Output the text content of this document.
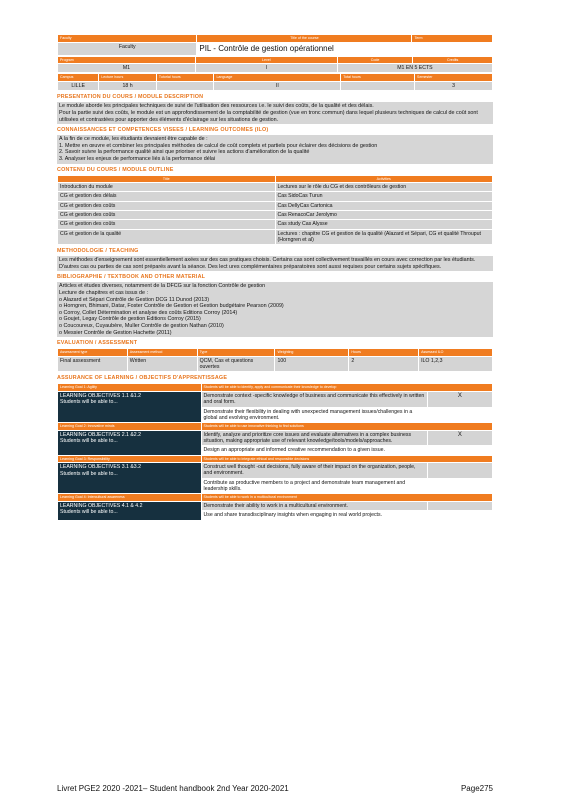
Faculty	Title of the course	Term
Faculty	PIL - Contrôle de gestion opérationnel	
Program	Level	Code	Credits
M1	I	M1 EN 5 ECTS	
Campus	Lecture hours	Tutorial hours	Language	Total hours	Semester
LILLE	18 h		II		3
PRESENTATION DU COURS / MODULE DESCRIPTION
Le module aborde les principales techniques de suivi de l'utilisation des ressources i.e. le suivi des coûts, de la qualité et des délais.
Pour la partie suivi des coûts, le module est un approfondissement de la comptabilité de gestion (vue en tronc commun) dans lequel plusieurs techniques de calcul de coût sont utilisées et contrastées pour apporter des éléments d'éclairage sur les situations de gestion.
CONNAISSANCES ET COMPETENCES VISEES / LEARNING OUTCOMES (ILO)
A la fin de ce module, les étudiants devraient être capable de :
1. Mettre en œuvre et combiner les principales méthodes de calcul de coût complets et partiels pour éclairer des décisions de gestion
2. Savoir suivre la performance qualité ainsi que prioriser et suivre les actions d'amélioration de la qualité
3. Analyser les enjeux de performance liés à la performance délai
CONTENU DU COURS / MODULE OUTLINE
Title	Activities
Introduction du module	Lectures sur le rôle du CG et des contrôleurs de gestion
CG et gestion des délais	Cas SidoCas Turun
CG et gestion des coûts	Cas DellyCas Cartonica
CG et gestion des coûts	Cas RenacoCar Jerolymo
CG et gestion des coûts	Cas study Cas Alysse
CG et gestion de la qualité	Lectures : chapitre CG et gestion de la qualité (Alazard et Sépari, CG et qualité Throuput (Horngren et al)
METHODOLOGIE / TEACHING
Les méthodes d'enseignement sont essentiellement axées sur des cas pratiques choisis. Certains cas sont collectivement travaillés en cours avec correction par les étudiants. D'autres cas ou parties de cas sont préparés avant la séance. Des lect ures complémentaires préparatoires sont aussi requises pour certains sujets spécifiques.
BIBLIOGRAPHIE / TEXTBOOK AND OTHER MATERIAL
Articles et études diverses, notamment de la DFCG sur la fonction Contrôle de gestion
Lecture de chapitres et cas issus de :
o Alazard et Sépari Contrôle de Gestion DCG 11 Dunod (2013)
o Horngren, Bhimani, Datar, Foster Contrôle de Gestion et Gestion budgétaire Pearson (2009)
o Corroy, Collet Détermination et analyse des coûts Editions Corroy (2014)
o Goujet, Legay Contrôle de gestion Editions Corroy (2015)
o Coucoureux, Cuyaubère, Muller Contrôle de gestion Nathan (2010)
o Messier Contrôle de Gestion Hachette (2011)
EVALUATION / ASSESSMENT
Assessment type	Assessment method	Type	Weighting	Hours	Assessed ILO
Final assessment	Written	QCM, Cas et questions ouvertes	100	2	ILO 1,2,3
ASSURANCE OF LEARNING / OBJECTIFS D'APPRENTISSAGE
Learning Goal 1: Agility	Students will be able to identify, apply and communicate their knowledge to develop	

LEARNING OBJECTIVES 1.1 &1.2
Students will be able to...	Demonstrate context -specific knowledge of business and communicate this effectively in written and oral form.	X
	Demonstrate their flexibility in dealing with unexpected management issues/challenges in a global and evolving environment.	
Learning Goal 2: Innovative minds	Students will be able to use innovative thinking to find solutions	

LEARNING OBJECTIVES 2.1 &2.2
Students will be able to...	Identify, analyze and prioritize core issues and evaluate alternatives in a complex business situation, making appropriate use of relevant knowledge/tools/models/approaches.	X
	Design an appropriate and informed creative recommendation to a given issue.	
Learning Goal 3: Responsibility	Students will be able to integrate ethical and responsible decisions	

LEARNING OBJECTIVES 3.1 &3.2
Students will be able to...	Construct well thought -out decisions, fully aware of their impact on the organization, people, and environment.	
	Contribute as productive members to a project and demonstrate team management and leadership skills.	
Learning Goal 4: Intercultural awareness	Students will be able to work in a multicultural environment	

LEARNING OBJECTIVES 4.1 & 4.2
Students will be able to...	Demonstrate their ability to work in a multicultural environment.	
	Use and share transdisciplinary insights when engaging in real world projects.	
Livret PGE2 2020 -2021– Student handbook 2nd Year 2020-2021	Page275
